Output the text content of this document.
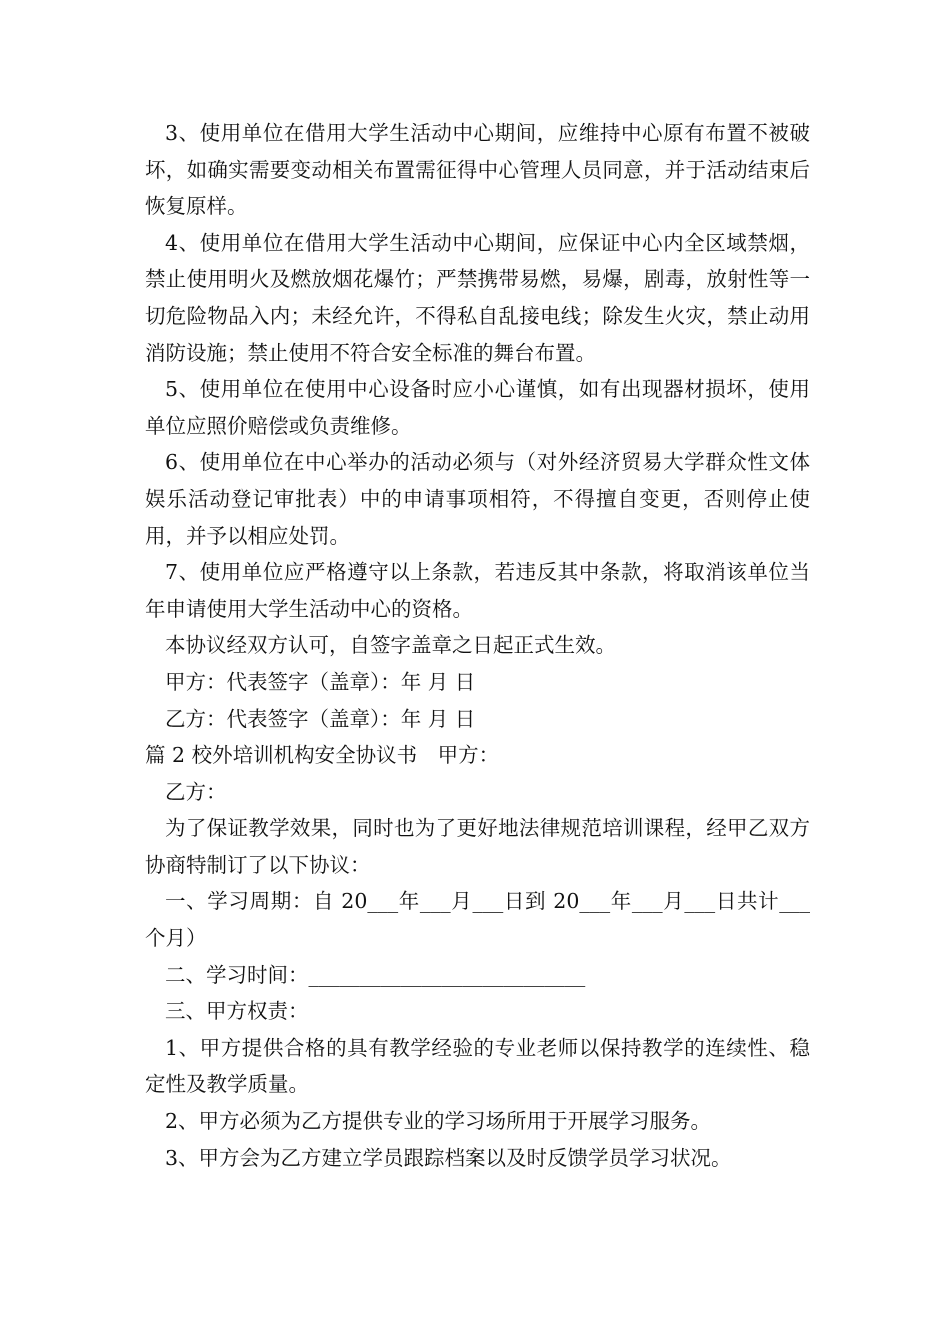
3、使用单位在借用大学生活动中心期间，应维持中心原有布置不被破坏，如确实需要变动相关布置需征得中心管理人员同意，并于活动结束后恢复原样。

4、使用单位在借用大学生活动中心期间，应保证中心内全区域禁烟，禁止使用明火及燃放烟花爆竹；严禁携带易燃，易爆，剧毒，放射性等一切危险物品入内；未经允许，不得私自乱接电线；除发生火灾，禁止动用消防设施；禁止使用不符合安全标准的舞台布置。

5、使用单位在使用中心设备时应小心谨慎，如有出现器材损坏，使用单位应照价赔偿或负责维修。

6、使用单位在中心举办的活动必须与（对外经济贸易大学群众性文体娱乐活动登记审批表）中的申请事项相符，不得擅自变更，否则停止使用，并予以相应处罚。

7、使用单位应严格遵守以上条款，若违反其中条款，将取消该单位当年申请使用大学生活动中心的资格。

本协议经双方认可，自签字盖章之日起正式生效。

甲方：代表签字（盖章）：年 月 日

乙方：代表签字（盖章）：年 月 日

篇 2 校外培训机构安全协议书　甲方：

乙方：

为了保证教学效果，同时也为了更好地法律规范培训课程，经甲乙双方协商特制订了以下协议：

一、学习周期：自 20___年___月___日到 20___年___月___日共计___个月）

二、学习时间：___________________________

三、甲方权责：

1、甲方提供合格的具有教学经验的专业老师以保持教学的连续性、稳定性及教学质量。

2、甲方必须为乙方提供专业的学习场所用于开展学习服务。

3、甲方会为乙方建立学员跟踪档案以及时反馈学员学习状况。
